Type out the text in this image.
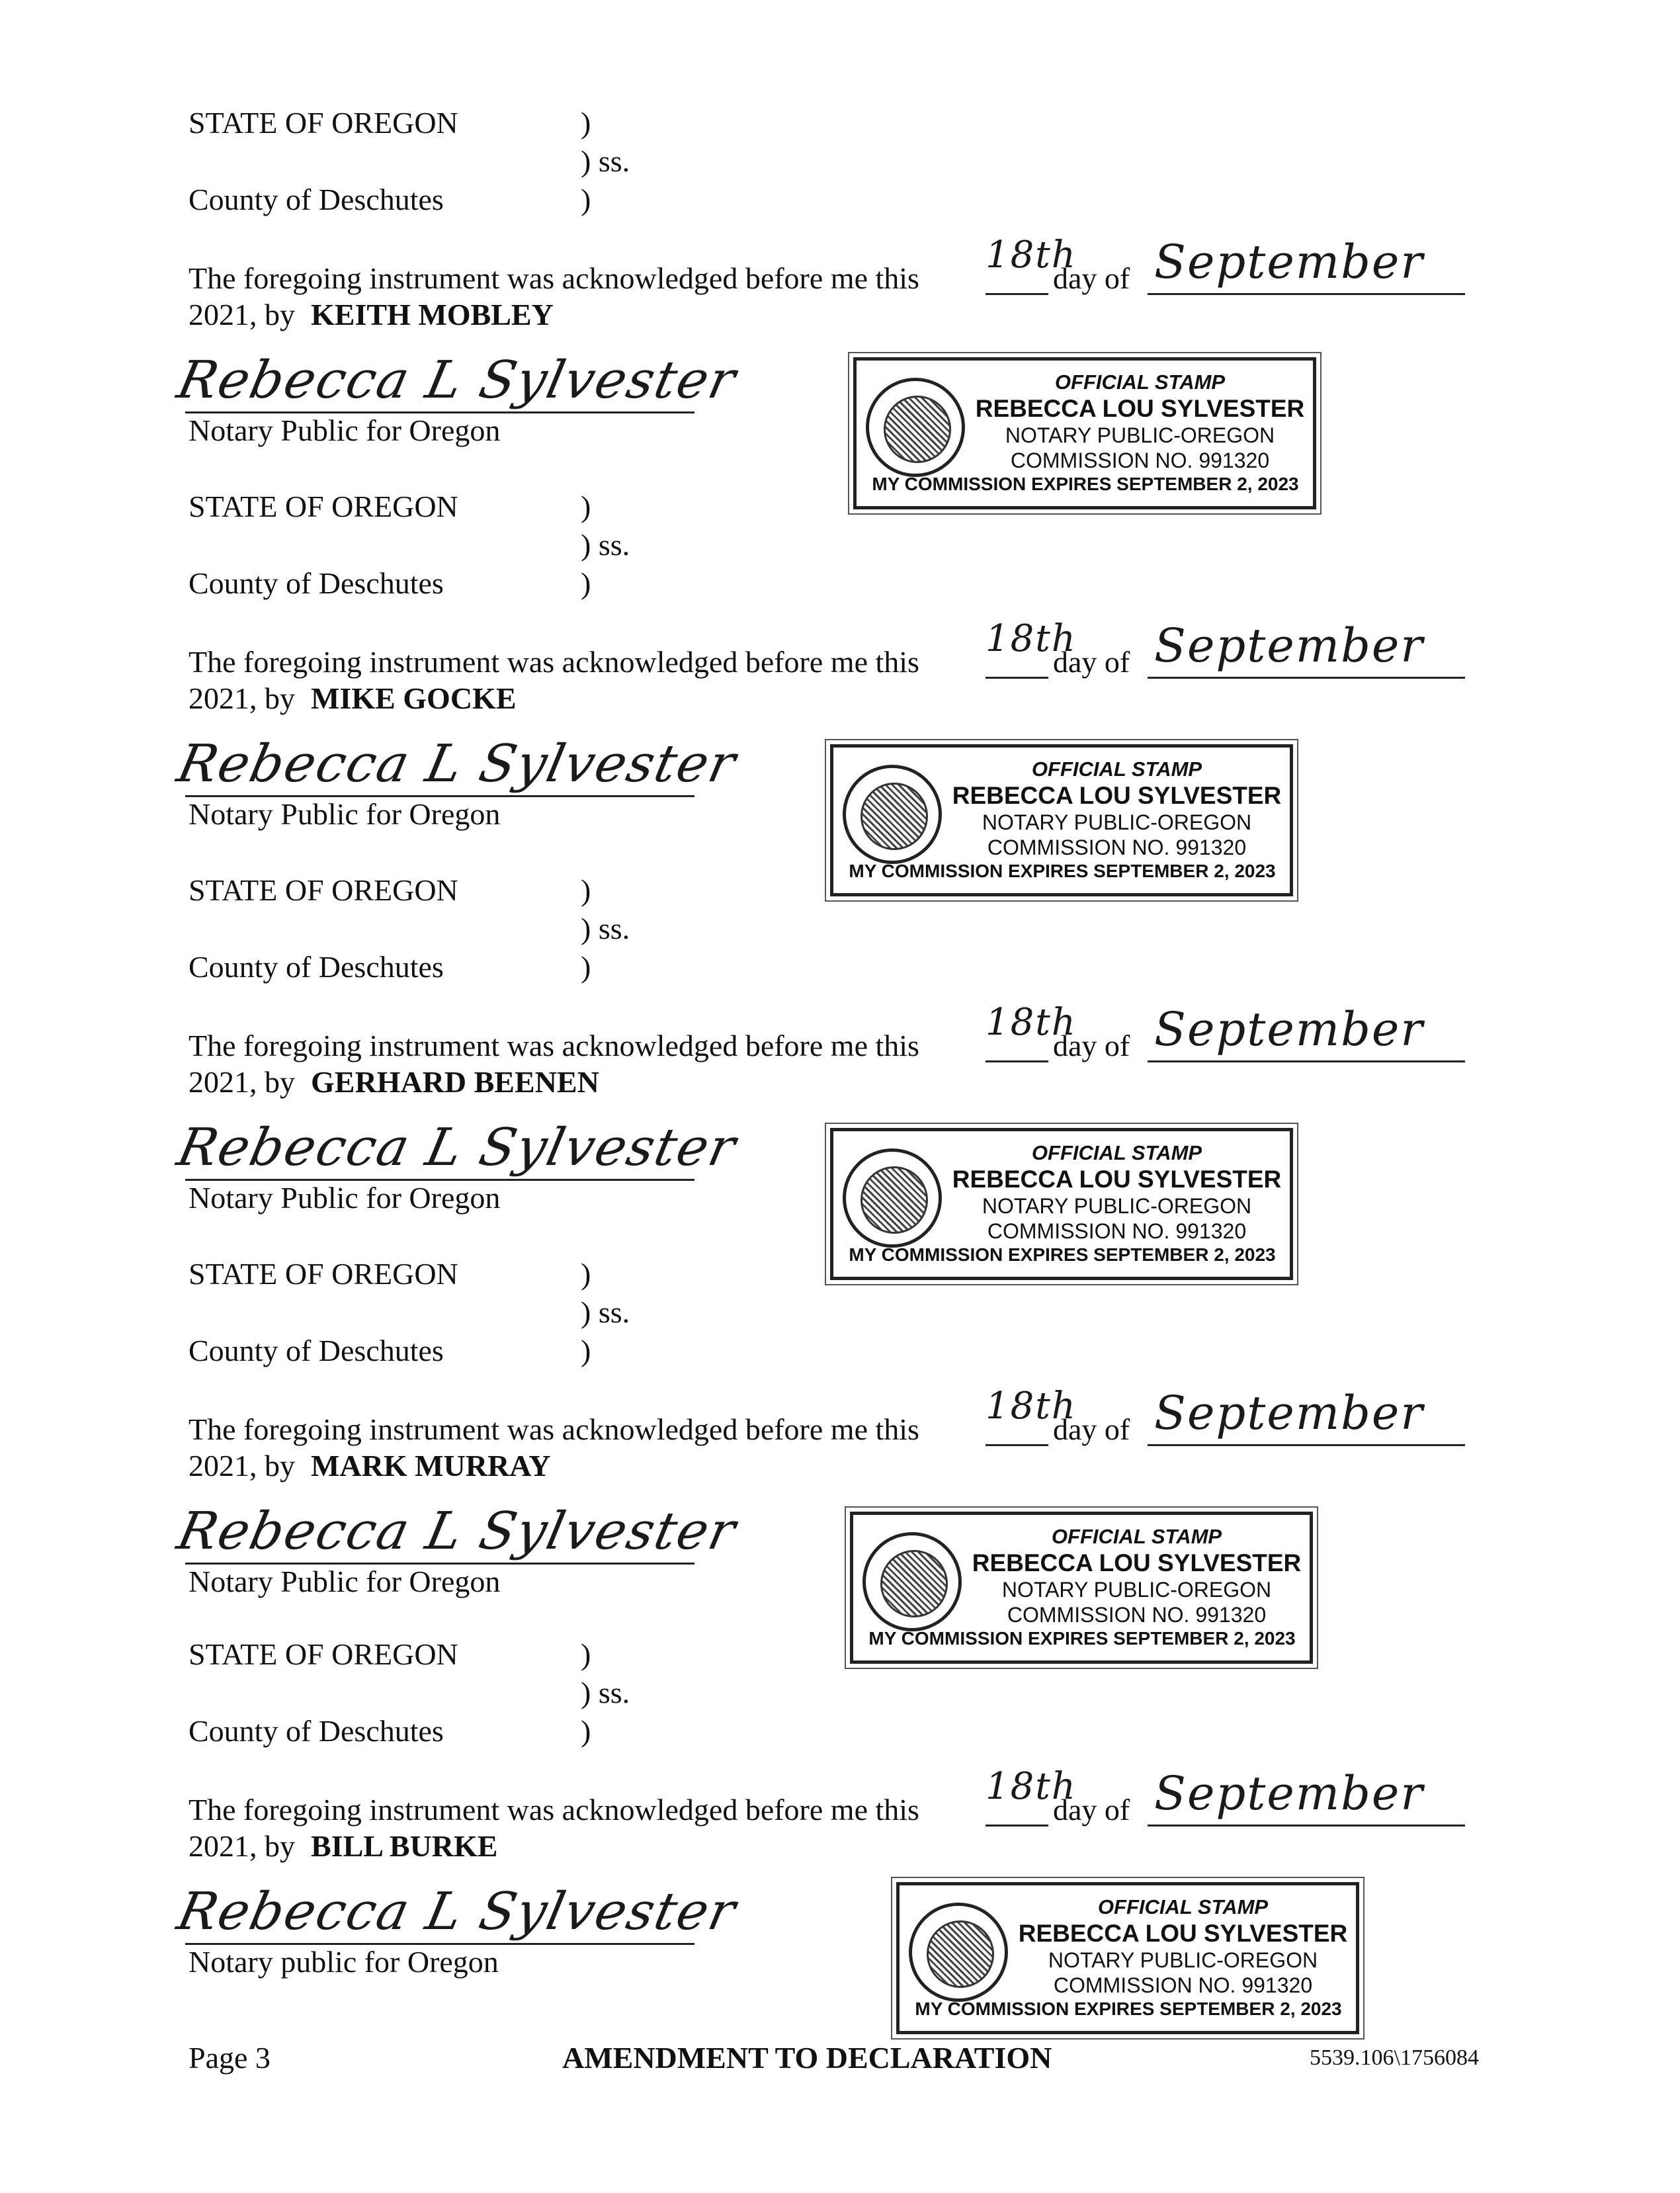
STATE OF OREGON	)
) ss.
County of Deschutes	)
The foregoing instrument was acknowledged before me this
18th
day of September
2021, by KEITH MOBLEY
Rebecca L Sylvester
Notary Public for Oregon
OFFICIAL STAMP
REBECCA LOU SYLVESTER
NOTARY PUBLIC-OREGON
COMMISSION NO. 991320
MY COMMISSION EXPIRES SEPTEMBER 2, 2023
STATE OF OREGON	)
) ss.
County of Deschutes	)
The foregoing instrument was acknowledged before me this
18th
day of September
2021, by MIKE GOCKE
Rebecca L Sylvester
Notary Public for Oregon
OFFICIAL STAMP
REBECCA LOU SYLVESTER
NOTARY PUBLIC-OREGON
COMMISSION NO. 991320
MY COMMISSION EXPIRES SEPTEMBER 2, 2023
STATE OF OREGON	)
) ss.
County of Deschutes	)
The foregoing instrument was acknowledged before me this
18th
day of September
2021, by GERHARD BEENEN
Rebecca L Sylvester
Notary Public for Oregon
OFFICIAL STAMP
REBECCA LOU SYLVESTER
NOTARY PUBLIC-OREGON
COMMISSION NO. 991320
MY COMMISSION EXPIRES SEPTEMBER 2, 2023
STATE OF OREGON	)
) ss.
County of Deschutes	)
The foregoing instrument was acknowledged before me this
18th
day of September
2021, by MARK MURRAY
Rebecca L Sylvester
Notary Public for Oregon
OFFICIAL STAMP
REBECCA LOU SYLVESTER
NOTARY PUBLIC-OREGON
COMMISSION NO. 991320
MY COMMISSION EXPIRES SEPTEMBER 2, 2023
STATE OF OREGON	)
) ss.
County of Deschutes	)
The foregoing instrument was acknowledged before me this
18th
day of September
2021, by BILL BURKE
Rebecca L Sylvester
Notary public for Oregon
OFFICIAL STAMP
REBECCA LOU SYLVESTER
NOTARY PUBLIC-OREGON
COMMISSION NO. 991320
MY COMMISSION EXPIRES SEPTEMBER 2, 2023
Page 3	AMENDMENT TO DECLARATION	5539.106\1756084
